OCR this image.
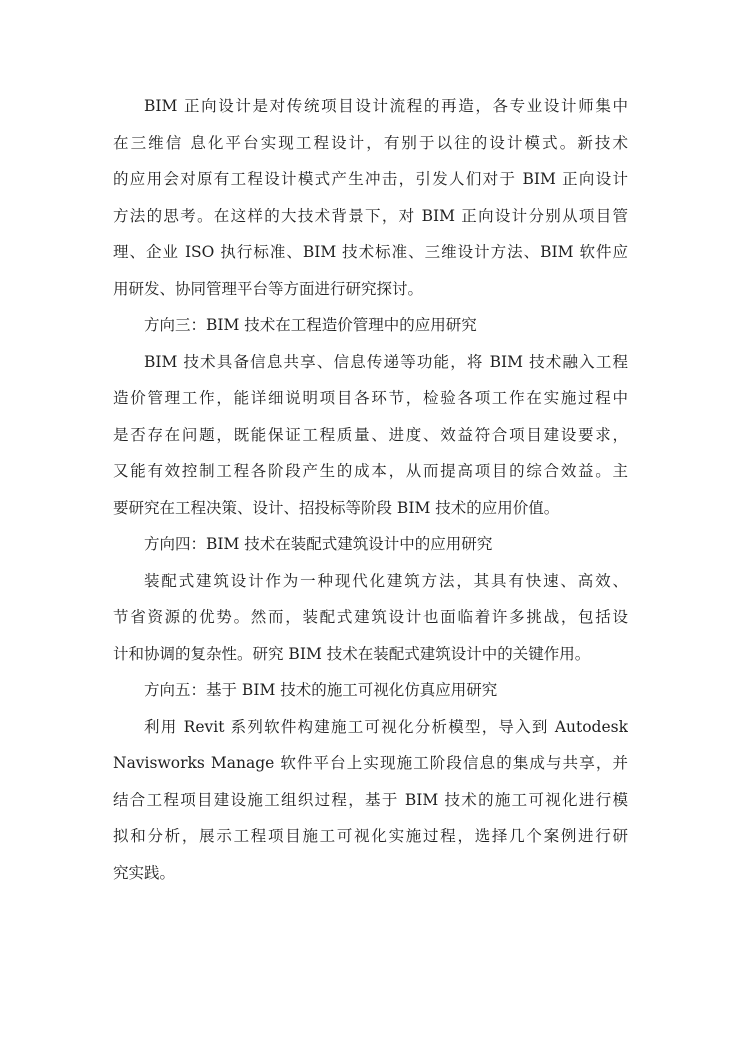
BIM 正向设计是对传统项目设计流程的再造，各专业设计师集中
在三维信 息化平台实现工程设计，有别于以往的设计模式。新技术
的应用会对原有工程设计模式产生冲击，引发人们对于 BIM 正向设计
方法的思考。在这样的大技术背景下，对 BIM 正向设计分别从项目管
理、企业 ISO 执行标准、BIM 技术标准、三维设计方法、BIM 软件应
用研发、协同管理平台等方面进行研究探讨。
方向三：BIM 技术在工程造价管理中的应用研究
BIM 技术具备信息共享、信息传递等功能，将 BIM 技术融入工程
造价管理工作，能详细说明项目各环节，检验各项工作在实施过程中
是否存在问题，既能保证工程质量、进度、效益符合项目建设要求，
又能有效控制工程各阶段产生的成本，从而提高项目的综合效益。主
要研究在工程决策、设计、招投标等阶段 BIM 技术的应用价值。
方向四：BIM 技术在装配式建筑设计中的应用研究
装配式建筑设计作为一种现代化建筑方法，其具有快速、高效、
节省资源的优势。然而，装配式建筑设计也面临着许多挑战，包括设
计和协调的复杂性。研究 BIM 技术在装配式建筑设计中的关键作用。
方向五：基于 BIM 技术的施工可视化仿真应用研究
利用 Revit 系列软件构建施工可视化分析模型，导入到 Autodesk
Navisworks Manage 软件平台上实现施工阶段信息的集成与共享，并
结合工程项目建设施工组织过程，基于 BIM 技术的施工可视化进行模
拟和分析，展示工程项目施工可视化实施过程，选择几个案例进行研
究实践。
